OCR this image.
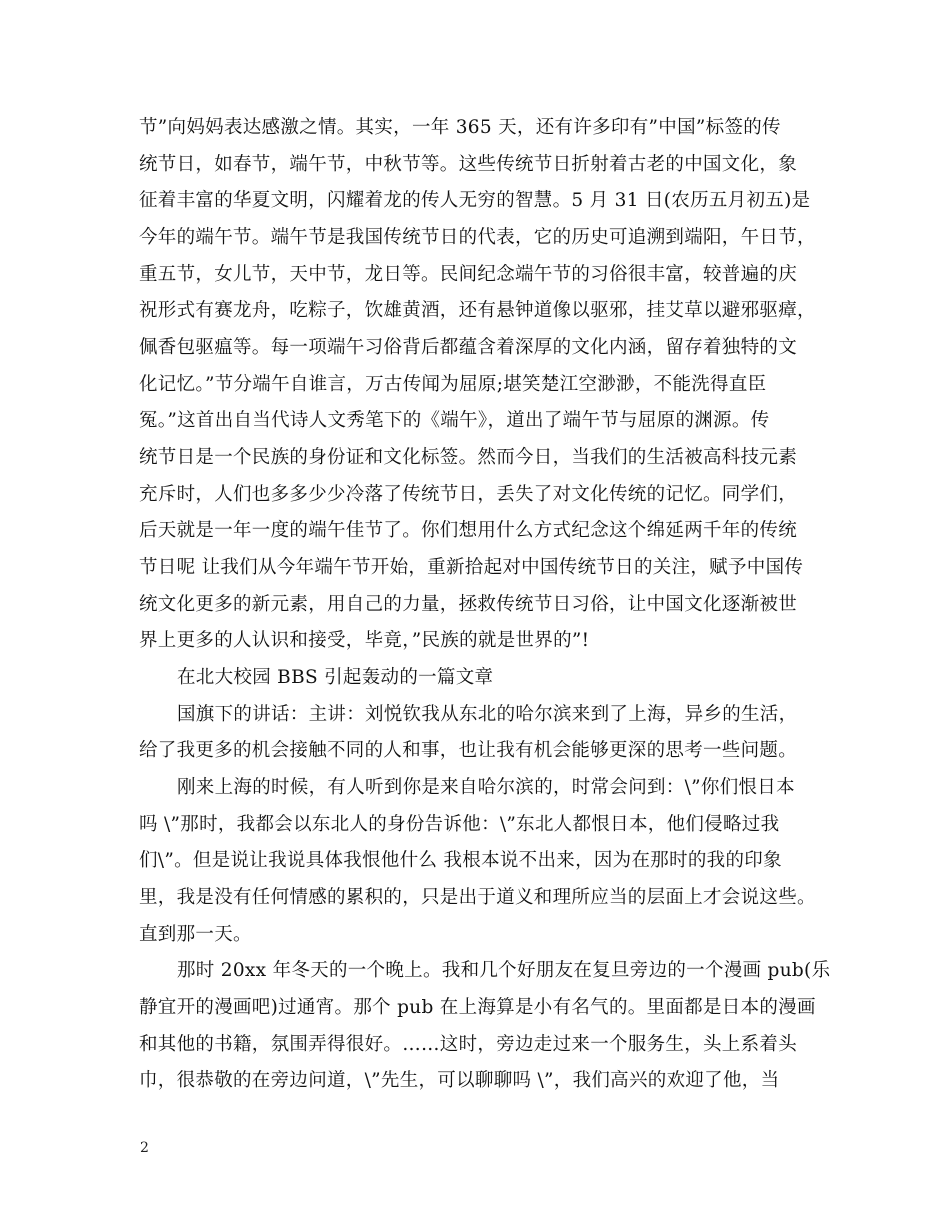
节”向妈妈表达感激之情。其实，一年 365 天，还有许多印有”中国”标签的传
统节日，如春节，端午节，中秋节等。这些传统节日折射着古老的中国文化，象
征着丰富的华夏文明，闪耀着龙的传人无穷的智慧。5 月 31 日(农历五月初五)是
今年的端午节。端午节是我国传统节日的代表，它的历史可追溯到端阳，午日节，
重五节，女儿节，天中节，龙日等。民间纪念端午节的习俗很丰富，较普遍的庆
祝形式有赛龙舟，吃粽子，饮雄黄酒，还有悬钟道像以驱邪，挂艾草以避邪驱瘴，
佩香包驱瘟等。每一项端午习俗背后都蕴含着深厚的文化内涵，留存着独特的文
化记忆。”节分端午自谁言，万古传闻为屈原;堪笑楚江空渺渺，不能洗得直臣
冤。”这首出自当代诗人文秀笔下的《端午》，道出了端午节与屈原的渊源。传
统节日是一个民族的身份证和文化标签。然而今日，当我们的生活被高科技元素
充斥时，人们也多多少少冷落了传统节日，丢失了对文化传统的记忆。同学们，
后天就是一年一度的端午佳节了。你们想用什么方式纪念这个绵延两千年的传统
节日呢 让我们从今年端午节开始，重新拾起对中国传统节日的关注，赋予中国传
统文化更多的新元素，用自己的力量，拯救传统节日习俗，让中国文化逐渐被世
界上更多的人认识和接受，毕竟，”民族的就是世界的”!
在北大校园 BBS 引起轰动的一篇文章
国旗下的讲话：主讲：刘悦钦我从东北的哈尔滨来到了上海，异乡的生活，
给了我更多的机会接触不同的人和事，也让我有机会能够更深的思考一些问题。
刚来上海的时候，有人听到你是来自哈尔滨的，时常会问到：\”你们恨日本
吗 \”那时，我都会以东北人的身份告诉他：\”东北人都恨日本，他们侵略过我
们\”。但是说让我说具体我恨他什么 我根本说不出来，因为在那时的我的印象
里，我是没有任何情感的累积的，只是出于道义和理所应当的层面上才会说这些。
直到那一天。
那时 20xx 年冬天的一个晚上。我和几个好朋友在复旦旁边的一个漫画 pub(乐
静宜开的漫画吧)过通宵。那个 pub 在上海算是小有名气的。里面都是日本的漫画
和其他的书籍，氛围弄得很好。……这时，旁边走过来一个服务生，头上系着头
巾，很恭敬的在旁边问道，\”先生，可以聊聊吗 \”，我们高兴的欢迎了他，当
2
